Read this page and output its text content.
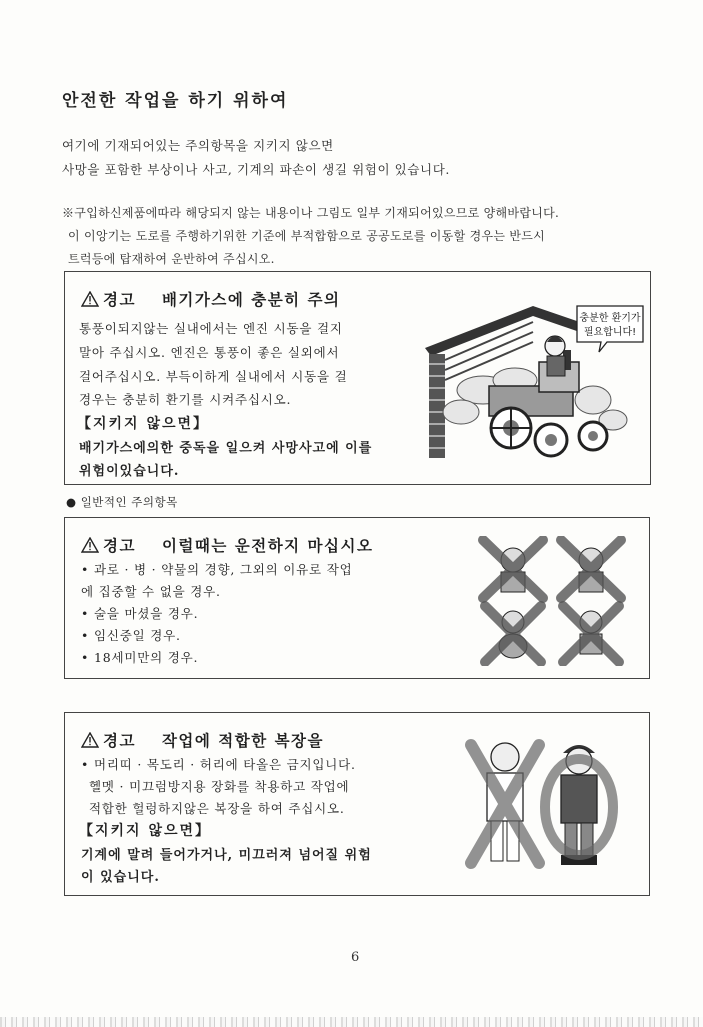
안전한 작업을 하기 위하여
여기에 기재되어있는 주의항목을 지키지 않으면
사망을 포함한 부상이나 사고, 기계의 파손이 생길 위험이 있습니다.
※구입하신제품에따라 해당되지 않는 내용이나 그림도 일부 기재되어있으므로 양해바랍니다.
이 이앙기는 도로를 주행하기위한 기준에 부적합함으로 공공도로를 이동할 경우는 반드시
트럭등에 탑재하여 운반하여 주십시오.
경고 배기가스에 충분히 주의
통풍이되지않는 실내에서는 엔진 시동을 걸지
말아 주십시오. 엔진은 통풍이 좋은 실외에서
걸어주십시오. 부득이하게 실내에서 시동을 걸
경우는 충분히 환기를 시켜주십시오.
【지키지 않으면】
배기가스에의한 중독을 일으켜 사망사고에 이를
위험이있습니다.
충분한 환기가
필요합니다!
● 일반적인 주의항목
경고 이럴때는 운전하지 마십시오
• 과로 · 병 · 약물의 경향, 그외의 이유로 작업
에 집중할 수 없을 경우.
• 술을 마셨을 경우.
• 임신중일 경우.
• 18세미만의 경우.
경고 작업에 적합한 복장을
• 머리띠 · 목도리 · 허리에 타올은 금지입니다.
헬멧 · 미끄럼방지용 장화를 착용하고 작업에
적합한 헐렁하지않은 복장을 하여 주십시오.
【지키지 않으면】
기계에 말려 들어가거나, 미끄러져 넘어질 위험
이 있습니다.
6
